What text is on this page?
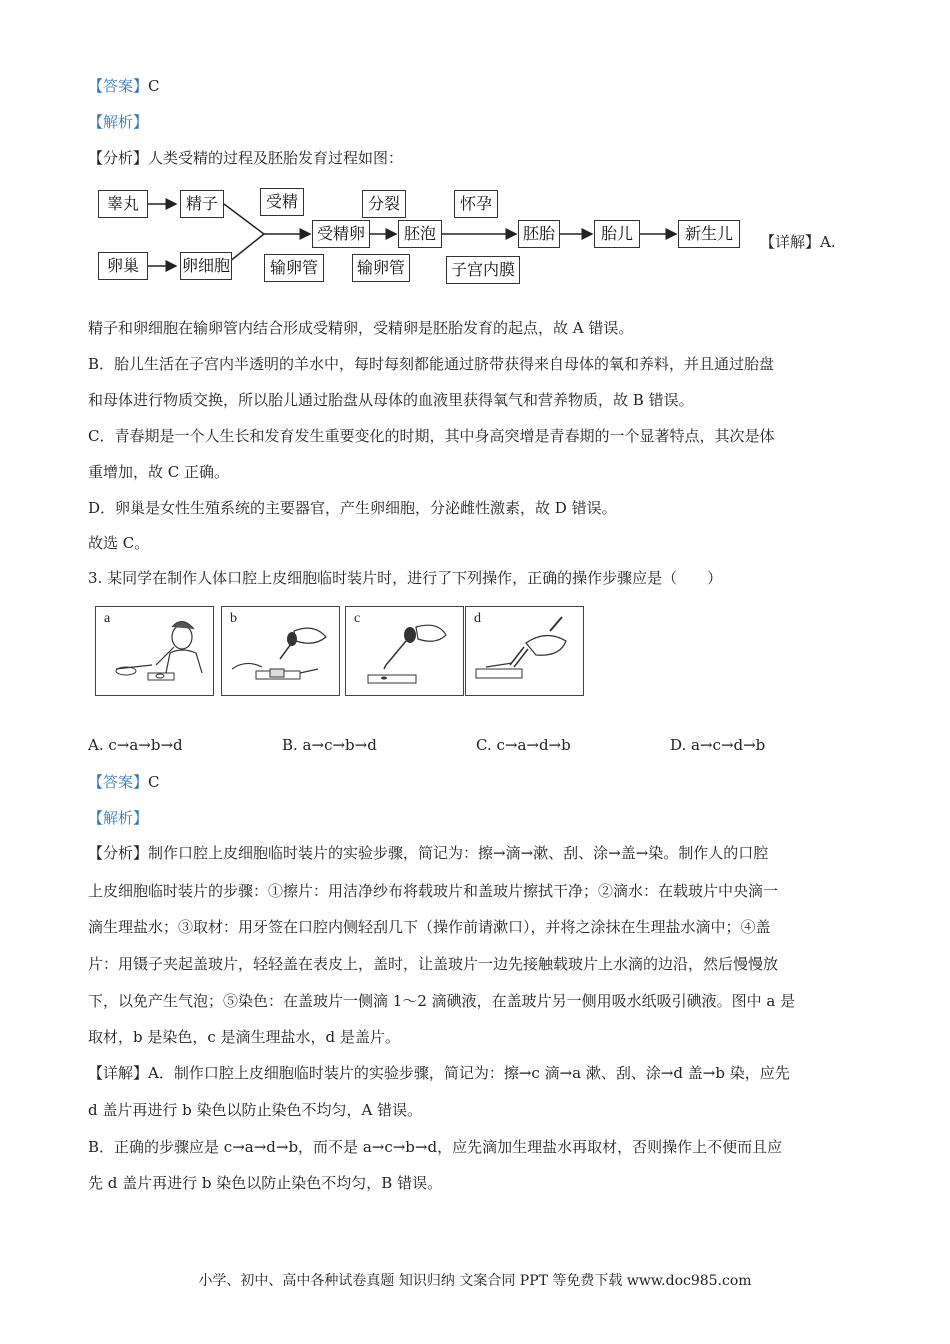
【答案】C
【解析】
【分析】人类受精的过程及胚胎发育过程如图：
睾丸	精子
卵巢	卵细胞
受精
输卵管
受精卵
分裂
输卵管
胚泡
怀孕
子宫内膜
胚胎	胎儿	新生儿	【详解】A.
精子和卵细胞在输卵管内结合形成受精卵，受精卵是胚胎发育的起点，故 A 错误。
B．胎儿生活在子宫内半透明的羊水中，每时每刻都能通过脐带获得来自母体的氧和养料，并且通过胎盘
和母体进行物质交换，所以胎儿通过胎盘从母体的血液里获得氧气和营养物质，故 B 错误。
C．青春期是一个人生长和发育发生重要变化的时期，其中身高突增是青春期的一个显著特点，其次是体
重增加，故 C 正确。
D．卵巢是女性生殖系统的主要器官，产生卵细胞，分泌雌性激素，故 D 错误。
故选 C。
3. 某同学在制作人体口腔上皮细胞临时装片时，进行了下列操作，正确的操作步骤应是（　　）
a	b	c	d
A. c→a→b→d	B. a→c→b→d	C. c→a→d→b	D. a→c→d→b
【答案】C
【解析】
【分析】制作口腔上皮细胞临时装片的实验步骤，简记为：擦→滴→漱、刮、涂→盖→染。制作人的口腔
上皮细胞临时装片的步骤：①擦片：用洁净纱布将载玻片和盖玻片擦拭干净；②滴水：在载玻片中央滴一
滴生理盐水；③取材：用牙签在口腔内侧轻刮几下（操作前请漱口），并将之涂抹在生理盐水滴中；④盖
片：用镊子夹起盖玻片，轻轻盖在表皮上，盖时，让盖玻片一边先接触载玻片上水滴的边沿，然后慢慢放
下，以免产生气泡；⑤染色：在盖玻片一侧滴 1～2 滴碘液，在盖玻片另一侧用吸水纸吸引碘液。图中 a 是
取材，b 是染色，c 是滴生理盐水，d 是盖片。
【详解】A．制作口腔上皮细胞临时装片的实验步骤，简记为：擦→c 滴→a 漱、刮、涂→d 盖→b 染，应先
d 盖片再进行 b 染色以防止染色不均匀，A 错误。
B．正确的步骤应是 c→a→d→b，而不是 a→c→b→d，应先滴加生理盐水再取材，否则操作上不便而且应
先 d 盖片再进行 b 染色以防止染色不均匀，B 错误。
小学、初中、高中各种试卷真题 知识归纳 文案合同 PPT 等免费下载 www.doc985.com
